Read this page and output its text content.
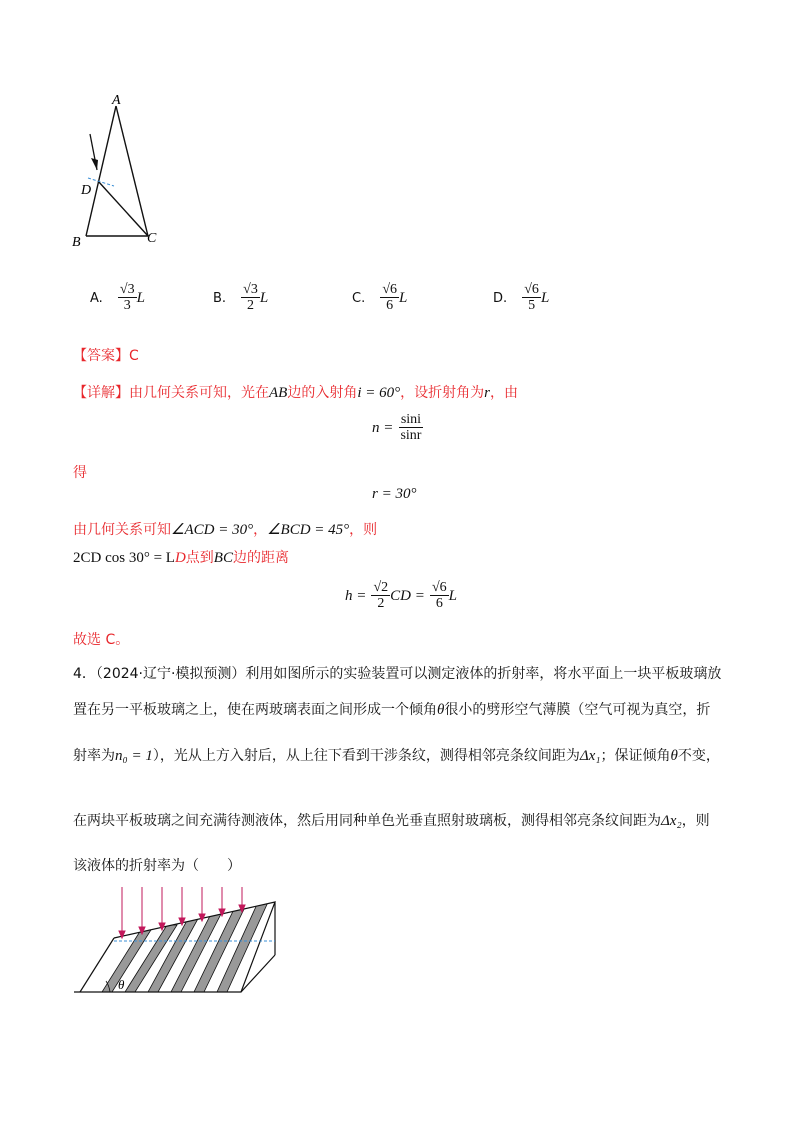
A
B	C
D
A. $\frac{√3}{3}$ L	B. $\frac{√3}{2}$ L	C. $\frac{√6}{6}$ L	D. $\frac{√6}{5}$ L
【答案】C
【详解】由几何关系可知，光在AB边的入射角i = 60°，设折射角为r，由
$n = \frac{\sin i}{\sin r}$
得
r = 30°
由几何关系可知∠ACD = 30°，∠BCD = 45°，则
2CD cos 30° = LD点到BC边的距离
$h = \frac{√2}{2}$ CD = $\frac{√6}{6}$ L
故选 C。
4．（2024·辽宁·模拟预测）利用如图所示的实验装置可以测定液体的折射率，将水平面上一块平板玻璃放
置在另一平板玻璃之上，使在两玻璃表面之间形成一个倾角θ很小的劈形空气薄膜（空气可视为真空，折
射率为n₀ = 1），光从上方入射后，从上往下看到干涉条纹，测得相邻亮条纹间距为Δx₁；保证倾角θ不变，
在两块平板玻璃之间充满待测液体，然后用同种单色光垂直照射玻璃板，测得相邻亮条纹间距为Δx₂，则
该液体的折射率为（　　）
θ
